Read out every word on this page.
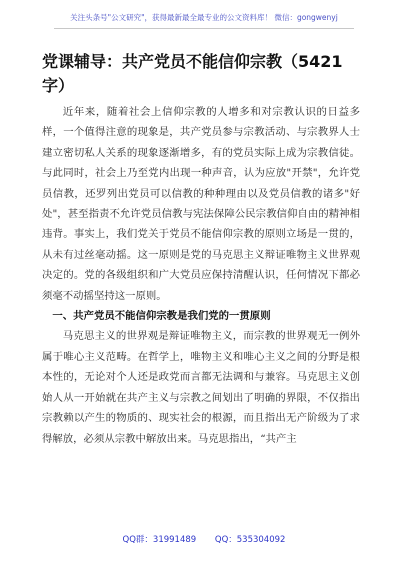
关注头条号"公文研究"，获得最新最全最专业的公文资料库！ 微信：gongwenyj
党课辅导：共产党员不能信仰宗教（5421字）

近年来，随着社会上信仰宗教的人增多和对宗教认识的日益多样，一个值得注意的现象是，共产党员参与宗教活动、与宗教界人士建立密切私人关系的现象逐渐增多，有的党员实际上成为宗教信徒。与此同时，社会上乃至党内出现一种声音，认为应放"开禁"，允许党员信教，还罗列出党员可以信教的种种理由以及党员信教的诸多"好处"，甚至指责不允许党员信教与宪法保障公民宗教信仰自由的精神相违背。事实上，我们党关于党员不能信仰宗教的原则立场是一贯的，从未有过丝毫动摇。这一原则是党的马克思主义辩证唯物主义世界观决定的。党的各级组织和广大党员应保持清醒认识，任何情况下都必须毫不动摇坚持这一原则。

一、共产党员不能信仰宗教是我们党的一贯原则

马克思主义的世界观是辩证唯物主义，而宗教的世界观无一例外属于唯心主义范畴。在哲学上，唯物主义和唯心主义之间的分野是根本性的，无论对个人还是政党而言都无法调和与兼容。马克思主义创始人从一开始就在共产主义与宗教之间划出了明确的界限，不仅指出宗教赖以产生的物质的、现实社会的根源，而且指出无产阶级为了求得解放，必须从宗教中解放出来。马克思指出，“共产主

QQ群：31991489 QQ：535304092
